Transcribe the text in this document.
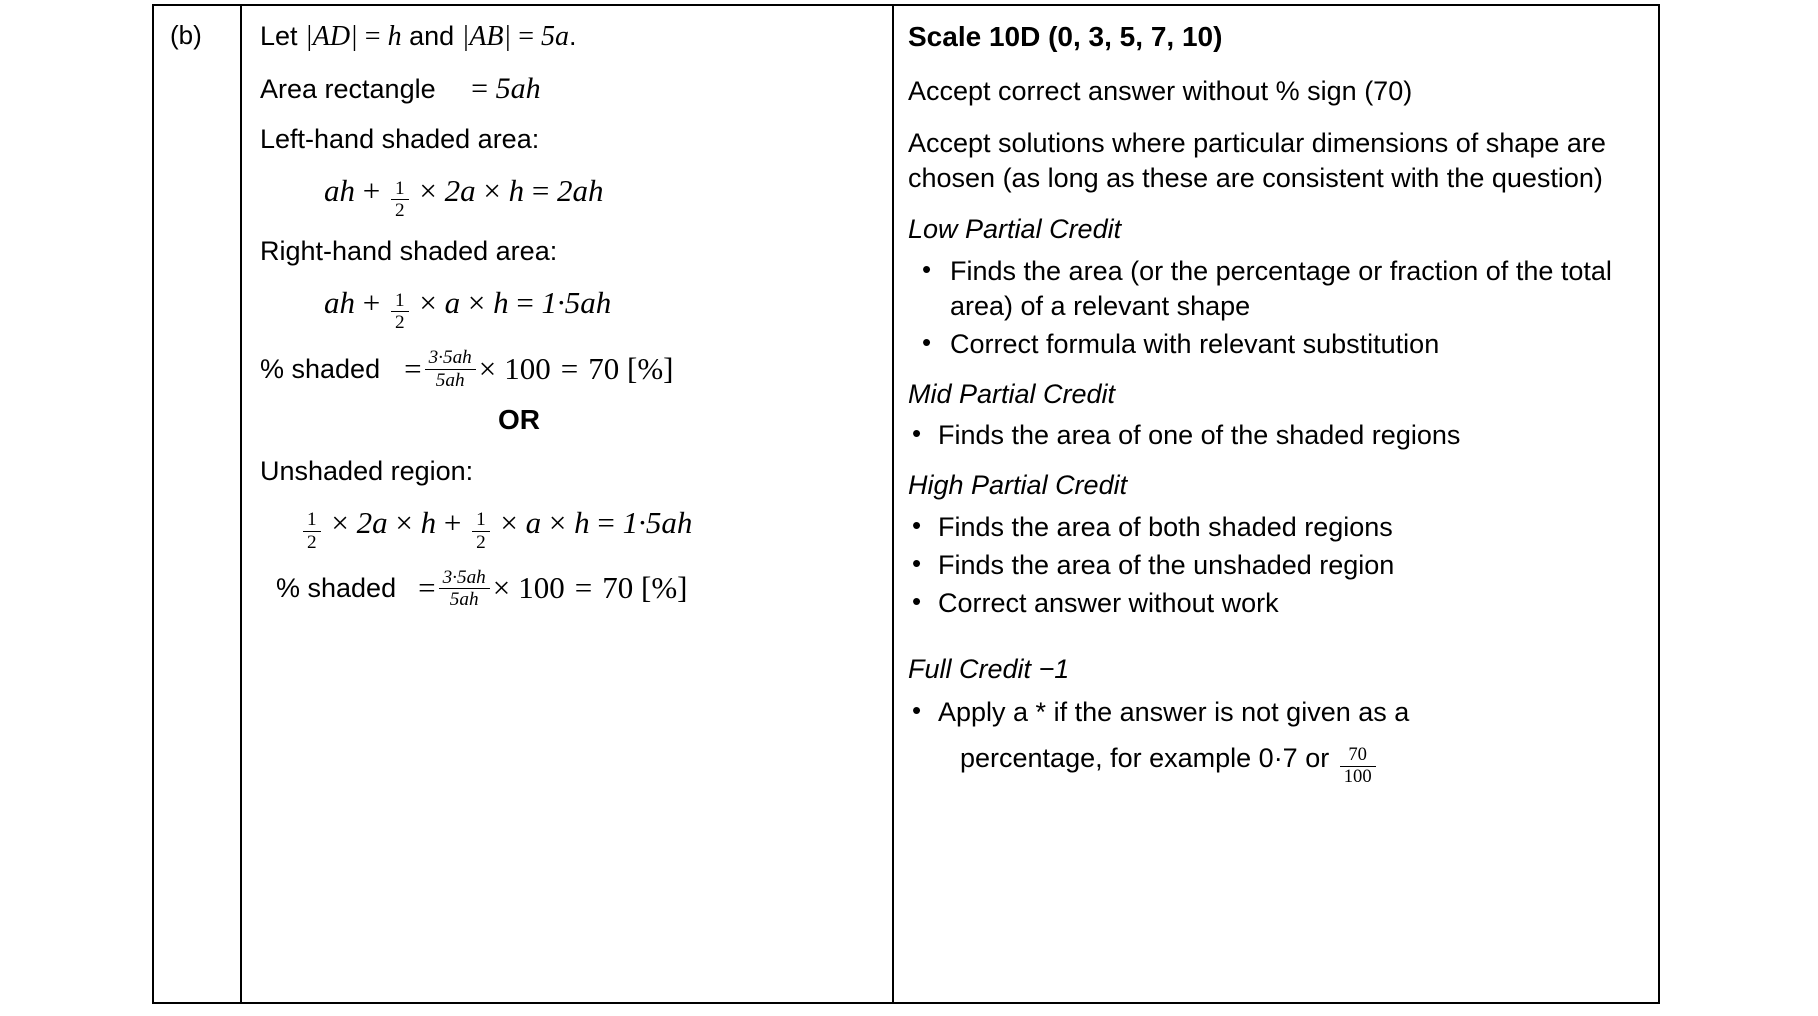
(b)	Let |AD| = h and |AB| = 5a.
Area rectangle = 5ah
Left-hand shaded area:
ah + $\frac{1}{2} \times 2a \times h = 2ah$
Right-hand shaded area:
ah + $\frac{1}{2} \times a \times h = 1\cdot 5ah$
% shaded = $\frac{3\cdot 5ah}{5ah} \times 100 = 70$ [%]
OR
Unshaded region:
$\frac{1}{2} \times 2a \times h + \frac{1}{2} \times a \times h = 1\cdot 5ah$
% shaded = $\frac{3\cdot 5ah}{5ah} \times 100 = 70$ [%]
Scale 10D (0, 3, 5, 7, 10)
Accept correct answer without % sign (70)
Accept solutions where particular dimensions of shape are chosen (as long as these are consistent with the question)
Low Partial Credit
• Finds the area (or the percentage or fraction of the total area) of a relevant shape
• Correct formula with relevant substitution
Mid Partial Credit
• Finds the area of one of the shaded regions
High Partial Credit
• Finds the area of both shaded regions
• Finds the area of the unshaded region
• Correct answer without work
Full Credit −1
• Apply a * if the answer is not given as a
percentage, for example 0·7 or $\frac{70}{100}$
